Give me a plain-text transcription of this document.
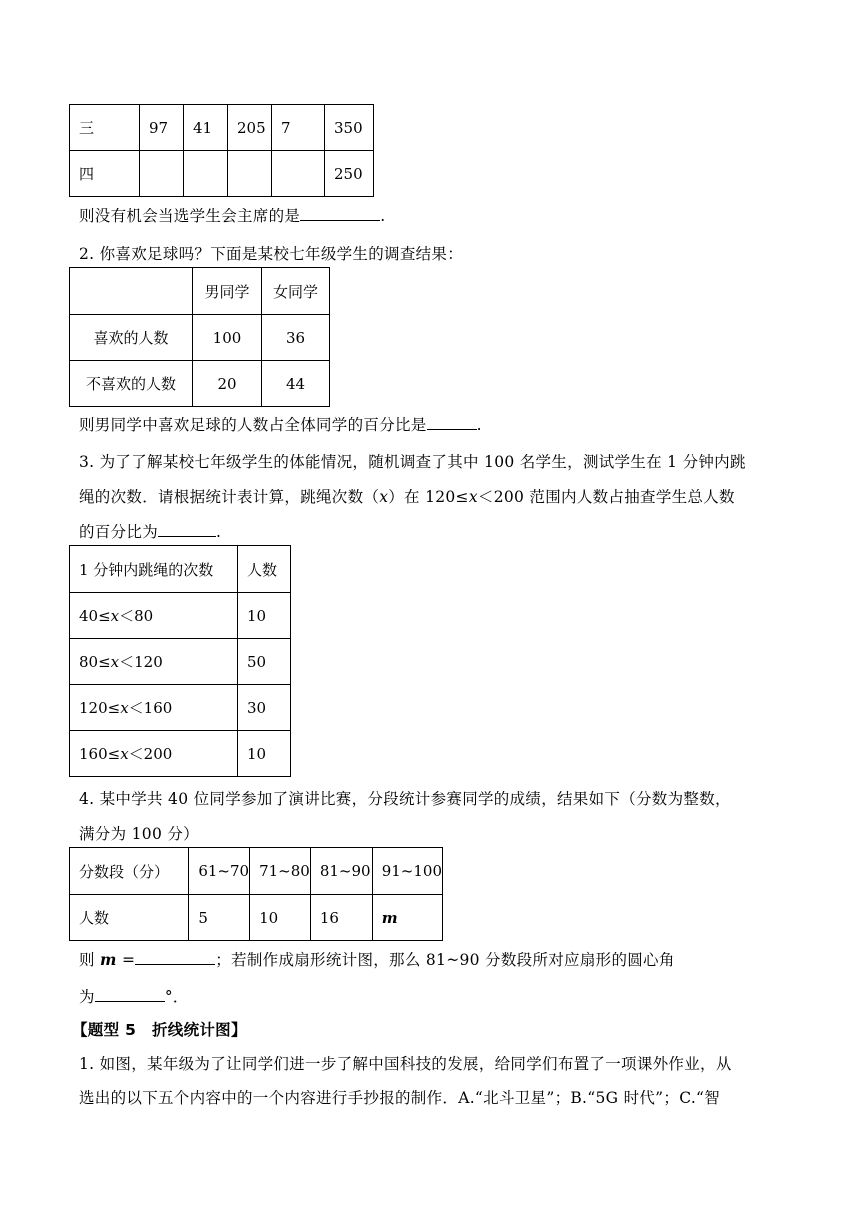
三	97	41	205	7	350
四					250
则没有机会当选学生会主席的是	.
2. 你喜欢足球吗？下面是某校七年级学生的调查结果：
	男同学	女同学
喜欢的人数	100	36
不喜欢的人数	20	44
则男同学中喜欢足球的人数占全体同学的百分比是	.
3. 为了了解某校七年级学生的体能情况，随机调查了其中 100 名学生，测试学生在 1 分钟内跳
绳的次数．请根据统计表计算，跳绳次数（x）在 120≤x＜200 范围内人数占抽查学生总人数
的百分比为	.
1 分钟内跳绳的次数	人数
40≤x＜80	10
80≤x＜120	50
120≤x＜160	30
160≤x＜200	10
4. 某中学共 40 位同学参加了演讲比赛，分段统计参赛同学的成绩，结果如下（分数为整数，
满分为 100 分）
分数段（分）	61~70	71~80	81~90	91~100
人数	5	10	16	m
则 m =	；若制作成扇形统计图，那么 81~90 分数段所对应扇形的圆心角
为	°．
【题型 5　折线统计图】
1. 如图，某年级为了让同学们进一步了解中国科技的发展，给同学们布置了一项课外作业，从
选出的以下五个内容中的一个内容进行手抄报的制作．A.“北斗卫星”；B.“5G 时代”；C.“智
